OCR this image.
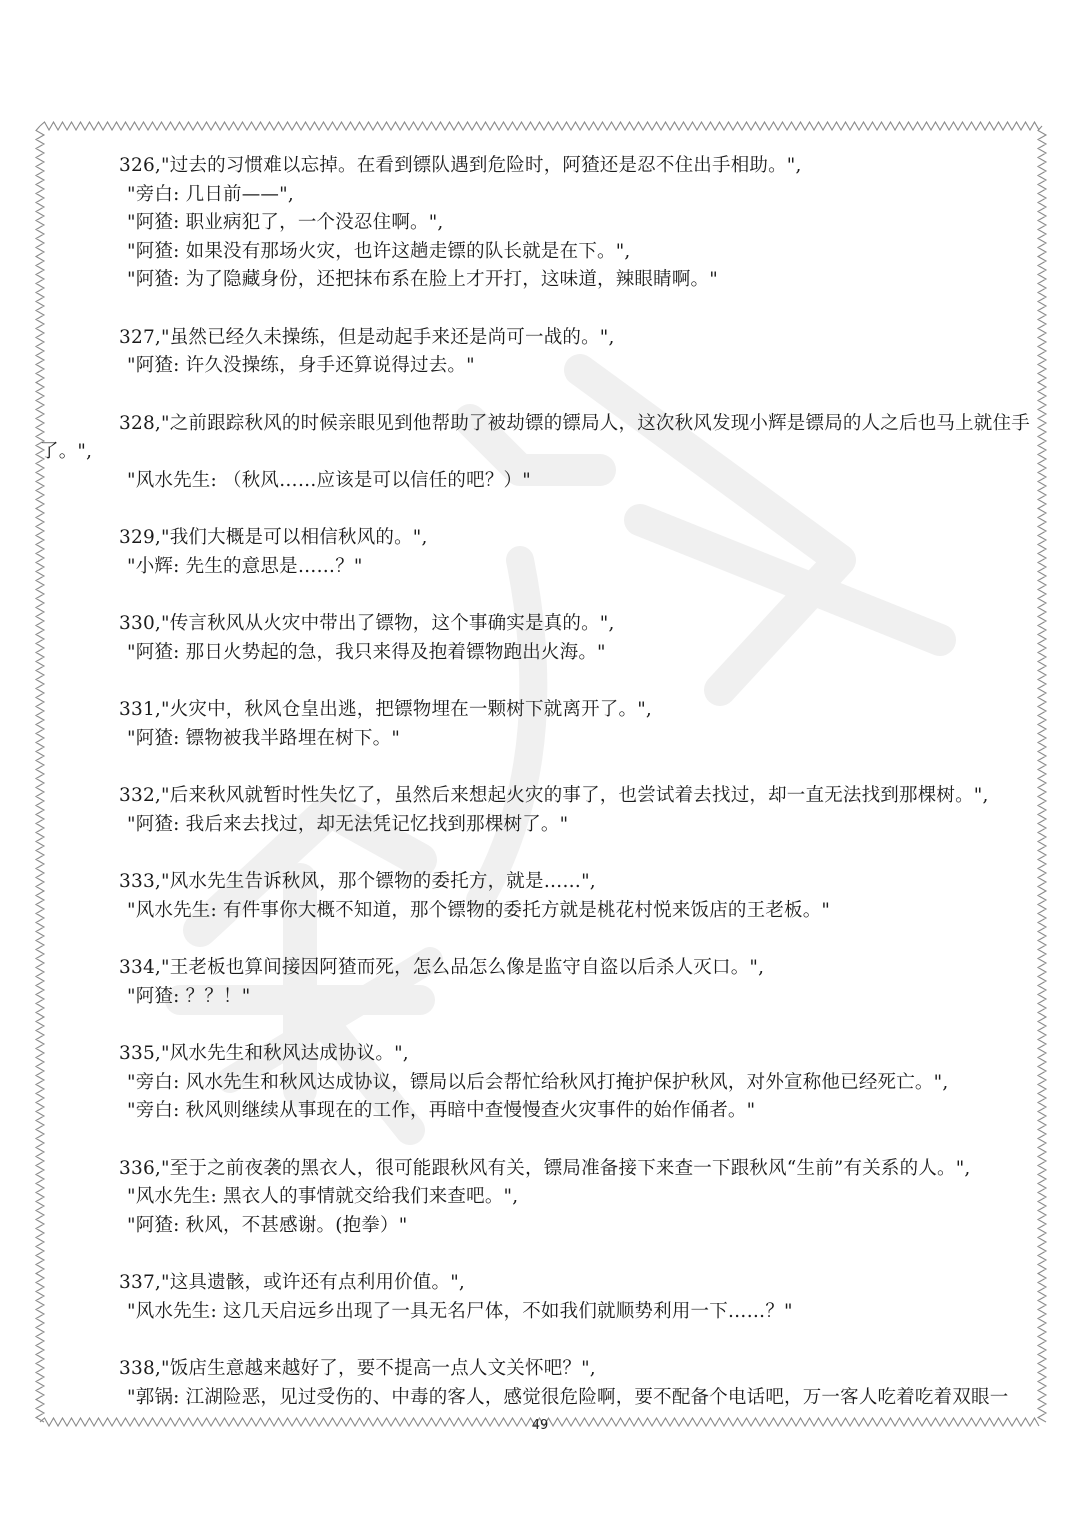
326,"过去的习惯难以忘掉。在看到镖队遇到危险时，阿猹还是忍不住出手相助。",
"旁白: 几日前——",
"阿猹: 职业病犯了，一个没忍住啊。",
"阿猹: 如果没有那场火灾，也许这趟走镖的队长就是在下。",
"阿猹: 为了隐藏身份，还把抹布系在脸上才开打，这味道，辣眼睛啊。"
327,"虽然已经久未操练，但是动起手来还是尚可一战的。",
"阿猹: 许久没操练，身手还算说得过去。"
328,"之前跟踪秋风的时候亲眼见到他帮助了被劫镖的镖局人，这次秋风发现小辉是镖局的人之后也马上就住手
了。",
"风水先生: （秋风……应该是可以信任的吧？）"
329,"我们大概是可以相信秋风的。",
"小辉: 先生的意思是……？"
330,"传言秋风从火灾中带出了镖物，这个事确实是真的。",
"阿猹: 那日火势起的急，我只来得及抱着镖物跑出火海。"
331,"火灾中，秋风仓皇出逃，把镖物埋在一颗树下就离开了。",
"阿猹: 镖物被我半路埋在树下。"
332,"后来秋风就暂时性失忆了，虽然后来想起火灾的事了，也尝试着去找过，却一直无法找到那棵树。",
"阿猹: 我后来去找过，却无法凭记忆找到那棵树了。"
333,"风水先生告诉秋风，那个镖物的委托方，就是……",
"风水先生: 有件事你大概不知道，那个镖物的委托方就是桃花村悦来饭店的王老板。"
334,"王老板也算间接因阿猹而死，怎么品怎么像是监守自盗以后杀人灭口。",
"阿猹: ？？！"
335,"风水先生和秋风达成协议。",
"旁白: 风水先生和秋风达成协议，镖局以后会帮忙给秋风打掩护保护秋风，对外宣称他已经死亡。",
"旁白: 秋风则继续从事现在的工作，再暗中查慢慢查火灾事件的始作俑者。"
336,"至于之前夜袭的黑衣人，很可能跟秋风有关，镖局准备接下来查一下跟秋风“生前”有关系的人。",
"风水先生: 黑衣人的事情就交给我们来查吧。",
"阿猹: 秋风，不甚感谢。(抱拳）"
337,"这具遗骸，或许还有点利用价值。",
"风水先生: 这几天启远乡出现了一具无名尸体，不如我们就顺势利用一下……？"
338,"饭店生意越来越好了，要不提高一点人文关怀吧？",
"郭锅: 江湖险恶，见过受伤的、中毒的客人，感觉很危险啊，要不配备个电话吧，万一客人吃着吃着双眼一
49
